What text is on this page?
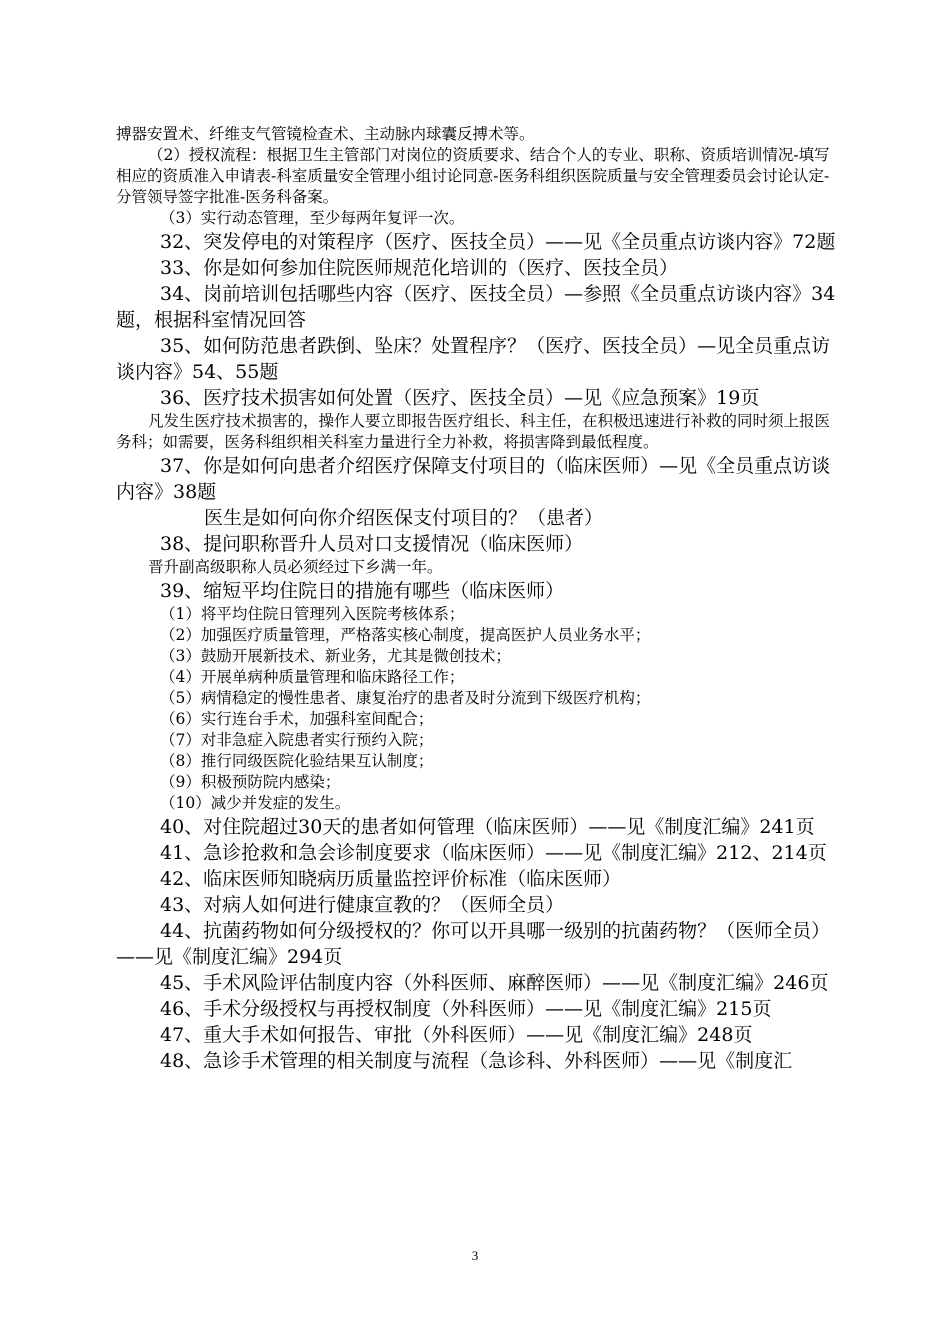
搏器安置术、纤维支气管镜检查术、主动脉内球囊反搏术等。

（2）授权流程：根据卫生主管部门对岗位的资质要求、结合个人的专业、职称、资质培训情况-填写相应的资质准入申请表-科室质量安全管理小组讨论同意-医务科组织医院质量与安全管理委员会讨论认定-分管领导签字批准-医务科备案。

（3）实行动态管理，至少每两年复评一次。

32、突发停电的对策程序（医疗、医技全员）——见《全员重点访谈内容》72题

33、你是如何参加住院医师规范化培训的（医疗、医技全员）

34、岗前培训包括哪些内容（医疗、医技全员）—参照《全员重点访谈内容》34题，根据科室情况回答

35、如何防范患者跌倒、坠床？处置程序？（医疗、医技全员）—见全员重点访谈内容》54、55题

36、医疗技术损害如何处置（医疗、医技全员）—见《应急预案》19页

凡发生医疗技术损害的，操作人要立即报告医疗组长、科主任，在积极迅速进行补救的同时须上报医务科；如需要，医务科组织相关科室力量进行全力补救，将损害降到最低程度。

37、你是如何向患者介绍医疗保障支付项目的（临床医师）—见《全员重点访谈内容》38题

医生是如何向你介绍医保支付项目的？（患者）

38、提问职称晋升人员对口支援情况（临床医师）

晋升副高级职称人员必须经过下乡满一年。

39、缩短平均住院日的措施有哪些（临床医师）

（1）将平均住院日管理列入医院考核体系；

（2）加强医疗质量管理，严格落实核心制度，提高医护人员业务水平；

（3）鼓励开展新技术、新业务，尤其是微创技术；

（4）开展单病种质量管理和临床路径工作；

（5）病情稳定的慢性患者、康复治疗的患者及时分流到下级医疗机构；

（6）实行连台手术，加强科室间配合；

（7）对非急症入院患者实行预约入院；

（8）推行同级医院化验结果互认制度；

（9）积极预防院内感染；

（10）减少并发症的发生。

40、对住院超过30天的患者如何管理（临床医师）——见《制度汇编》241页

41、急诊抢救和急会诊制度要求（临床医师）——见《制度汇编》212、214页

42、临床医师知晓病历质量监控评价标准（临床医师）

43、对病人如何进行健康宣教的？（医师全员）

44、抗菌药物如何分级授权的？你可以开具哪一级别的抗菌药物？（医师全员）——见《制度汇编》294页

45、手术风险评估制度内容（外科医师、麻醉医师）——见《制度汇编》246页

46、手术分级授权与再授权制度（外科医师）——见《制度汇编》215页

47、重大手术如何报告、审批（外科医师）——见《制度汇编》248页

48、急诊手术管理的相关制度与流程（急诊科、外科医师）——见《制度汇

3
